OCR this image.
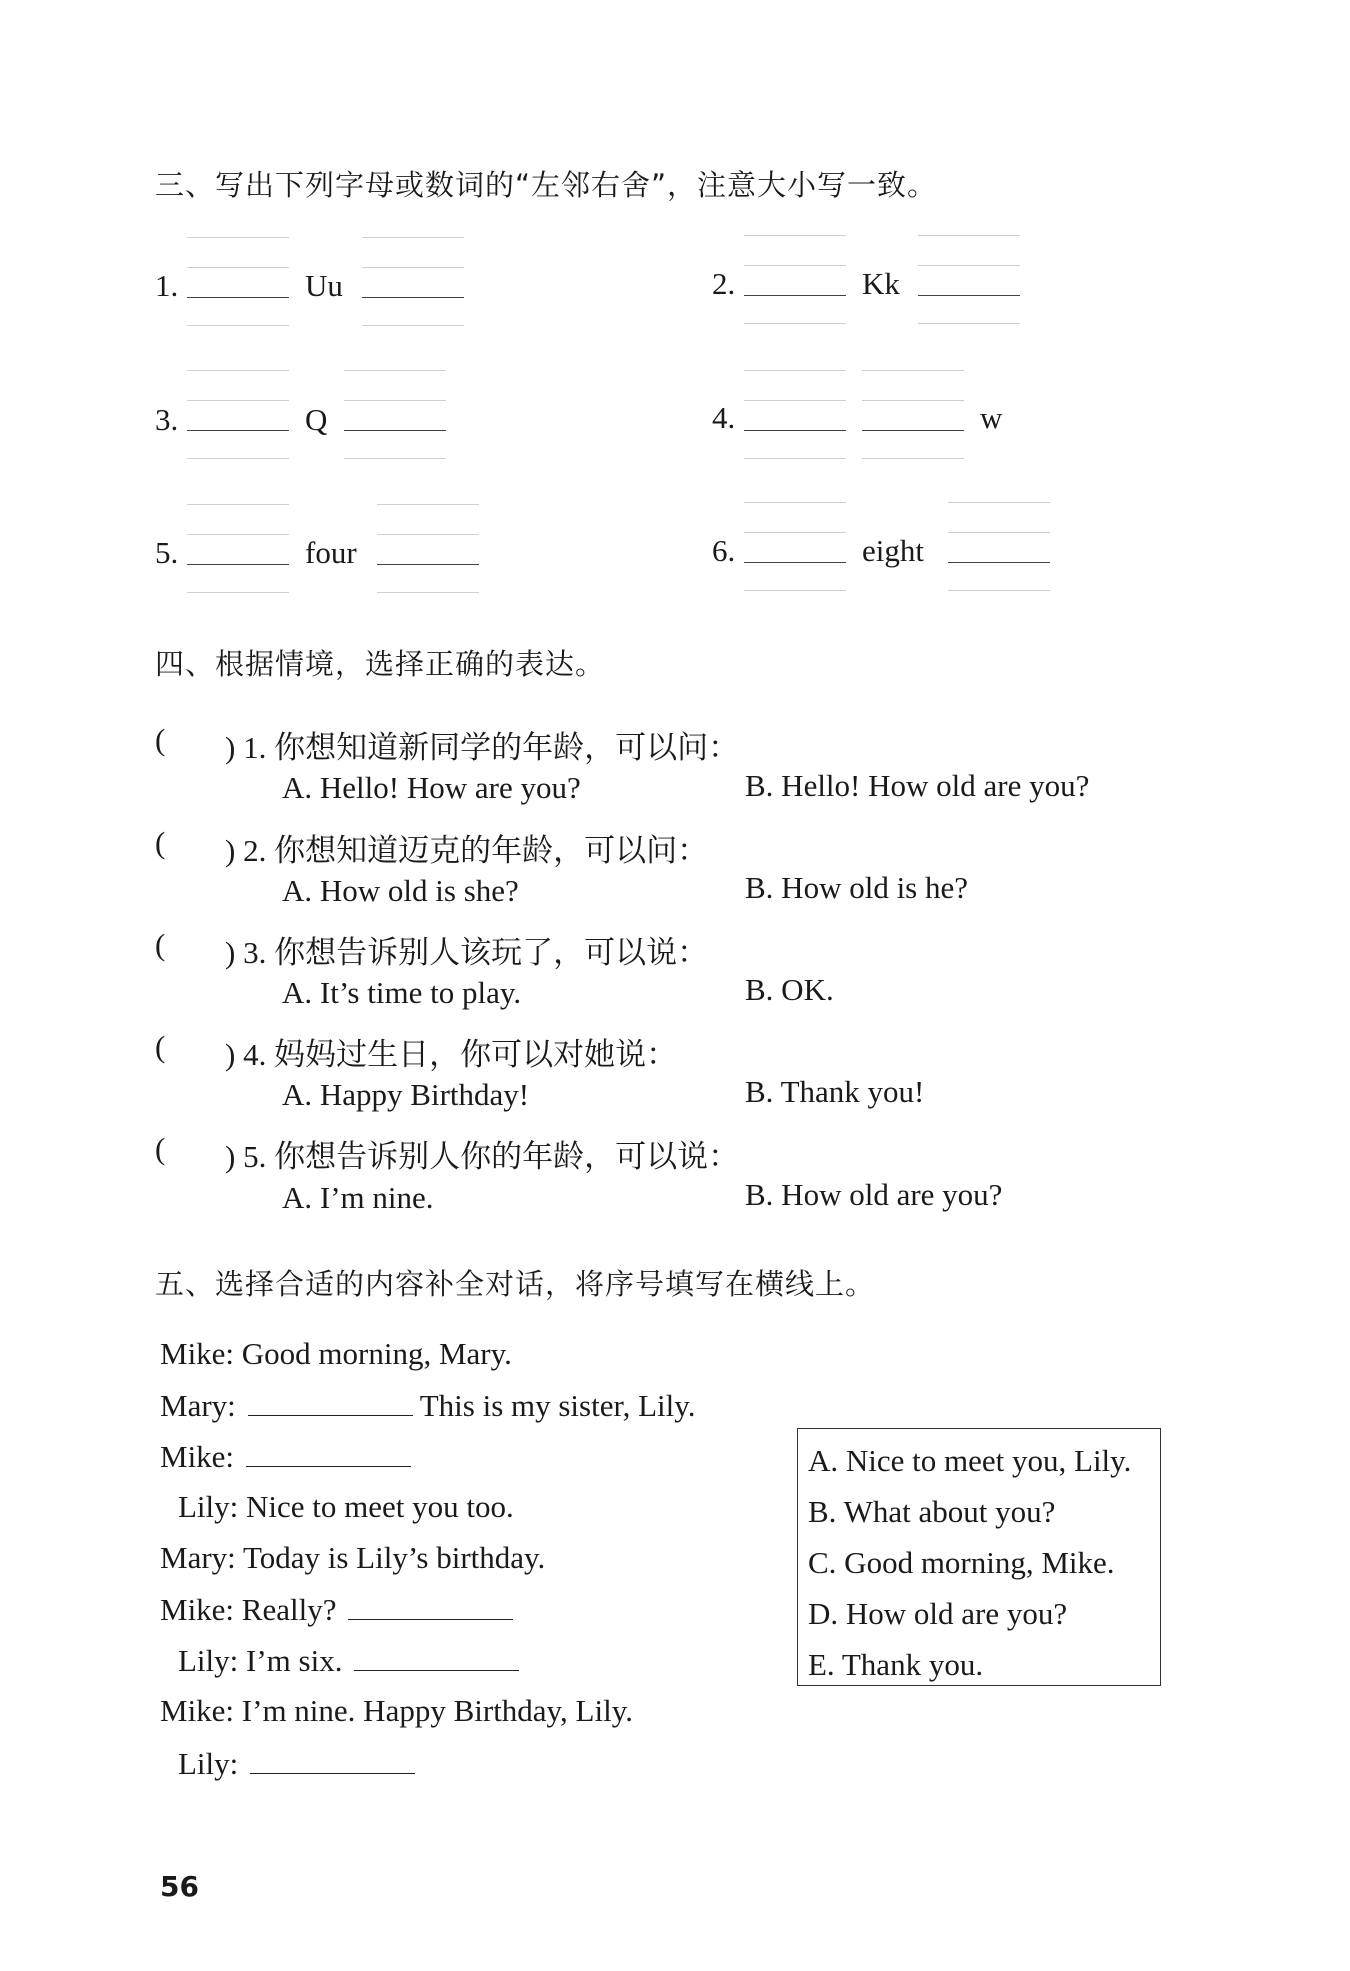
三、写出下列字母或数词的“左邻右舍”，注意大小写一致。
1.	Uu	2.	Kk
3.	Q	4.	w
5.	four	6.	eight
四、根据情境，选择正确的表达。
( ) 1. 你想知道新同学的年龄，可以问：
A. Hello! How are you?	B. Hello! How old are you?
( ) 2. 你想知道迈克的年龄，可以问：
A. How old is she?	B. How old is he?
( ) 3. 你想告诉别人该玩了，可以说：
A. It’s time to play.	B. OK.
( ) 4. 妈妈过生日，你可以对她说：
A. Happy Birthday!	B. Thank you!
( ) 5. 你想告诉别人你的年龄，可以说：
A. I’m nine.	B. How old are you?
五、选择合适的内容补全对话，将序号填写在横线上。
Mike: Good morning, Mary.
Mary:	This is my sister, Lily.
Mike:
Lily: Nice to meet you too.
Mary: Today is Lily’s birthday.
Mike: Really?
Lily: I’m six.
Mike: I’m nine. Happy Birthday, Lily.
Lily:
A. Nice to meet you, Lily.
B. What about you?
C. Good morning, Mike.
D. How old are you?
E. Thank you.
56
